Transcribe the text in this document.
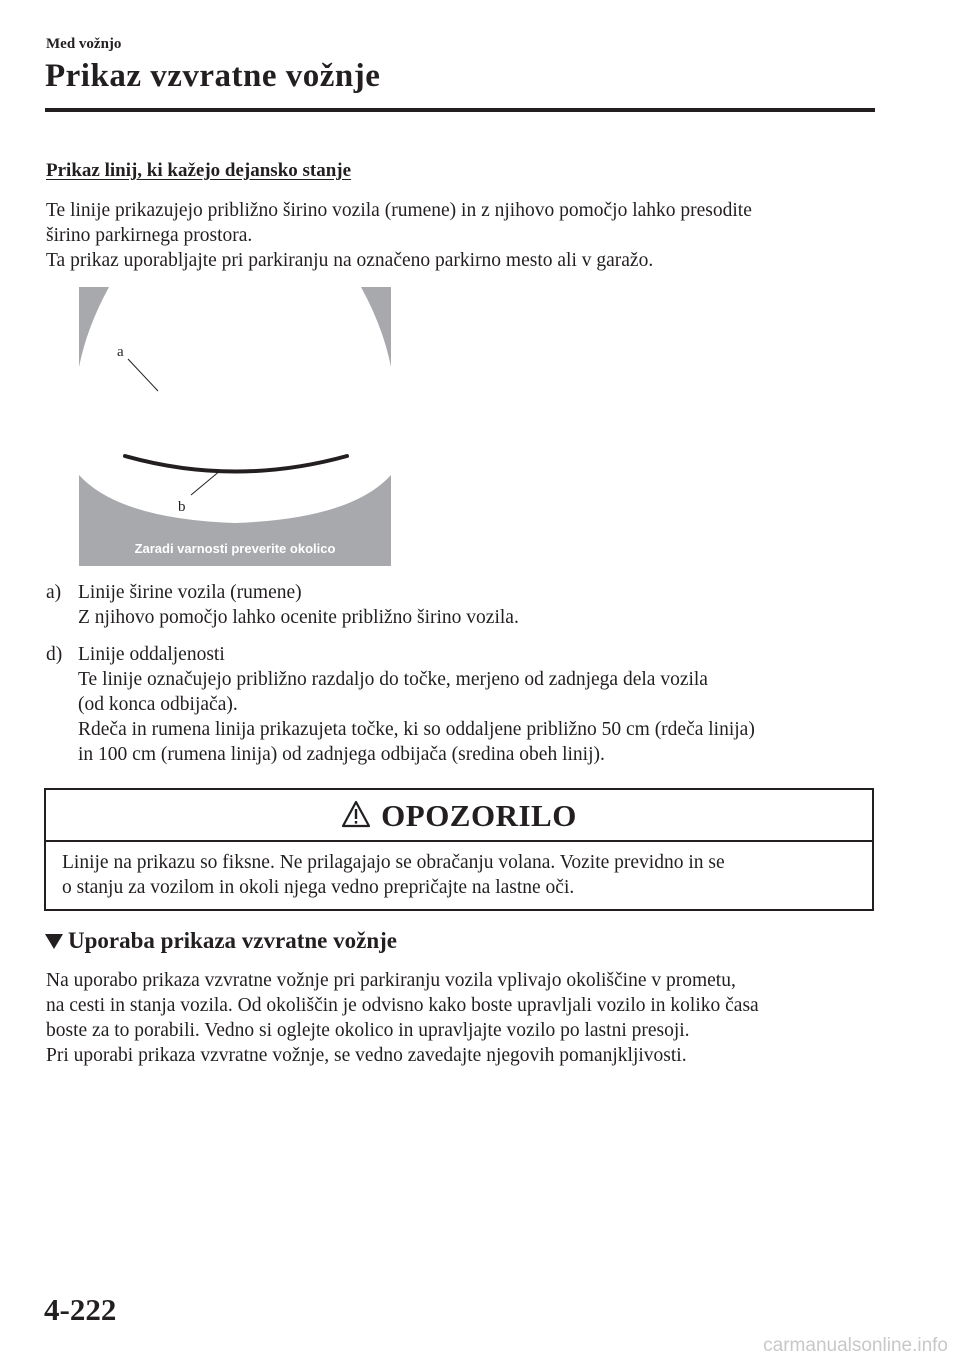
Med vožnjo
Prikaz vzvratne vožnje
Prikaz linij, ki kažejo dejansko stanje

Te linije prikazujejo približno širino vozila (rumene) in z njihovo pomočjo lahko presodite
širino parkirnega prostora.
Ta prikaz uporabljajte pri parkiranju na označeno parkirno mesto ali v garažo.

a
b
Zaradi varnosti preverite okolico
a) Linije širine vozila (rumene)
Z njihovo pomočjo lahko ocenite približno širino vozila.
d) Linije oddaljenosti
Te linije označujejo približno razdaljo do točke, merjeno od zadnjega dela vozila
(od konca odbijača).
Rdeča in rumena linija prikazujeta točke, ki so oddaljene približno 50 cm (rdeča linija)
in 100 cm (rumena linija) od zadnjega odbijača (sredina obeh linij).
OPOZORILO

Linije na prikazu so fiksne. Ne prilagajajo se obračanju volana. Vozite previdno in se
o stanju za vozilom in okoli njega vedno prepričajte na lastne oči.

Uporaba prikaza vzvratne vožnje

Na uporabo prikaza vzvratne vožnje pri parkiranju vozila vplivajo okoliščine v prometu,
na cesti in stanja vozila. Od okoliščin je odvisno kako boste upravljali vozilo in koliko časa
boste za to porabili. Vedno si oglejte okolico in upravljajte vozilo po lastni presoji.
Pri uporabi prikaza vzvratne vožnje, se vedno zavedajte njegovih pomanjkljivosti.

4-222
carmanualsonline.info
